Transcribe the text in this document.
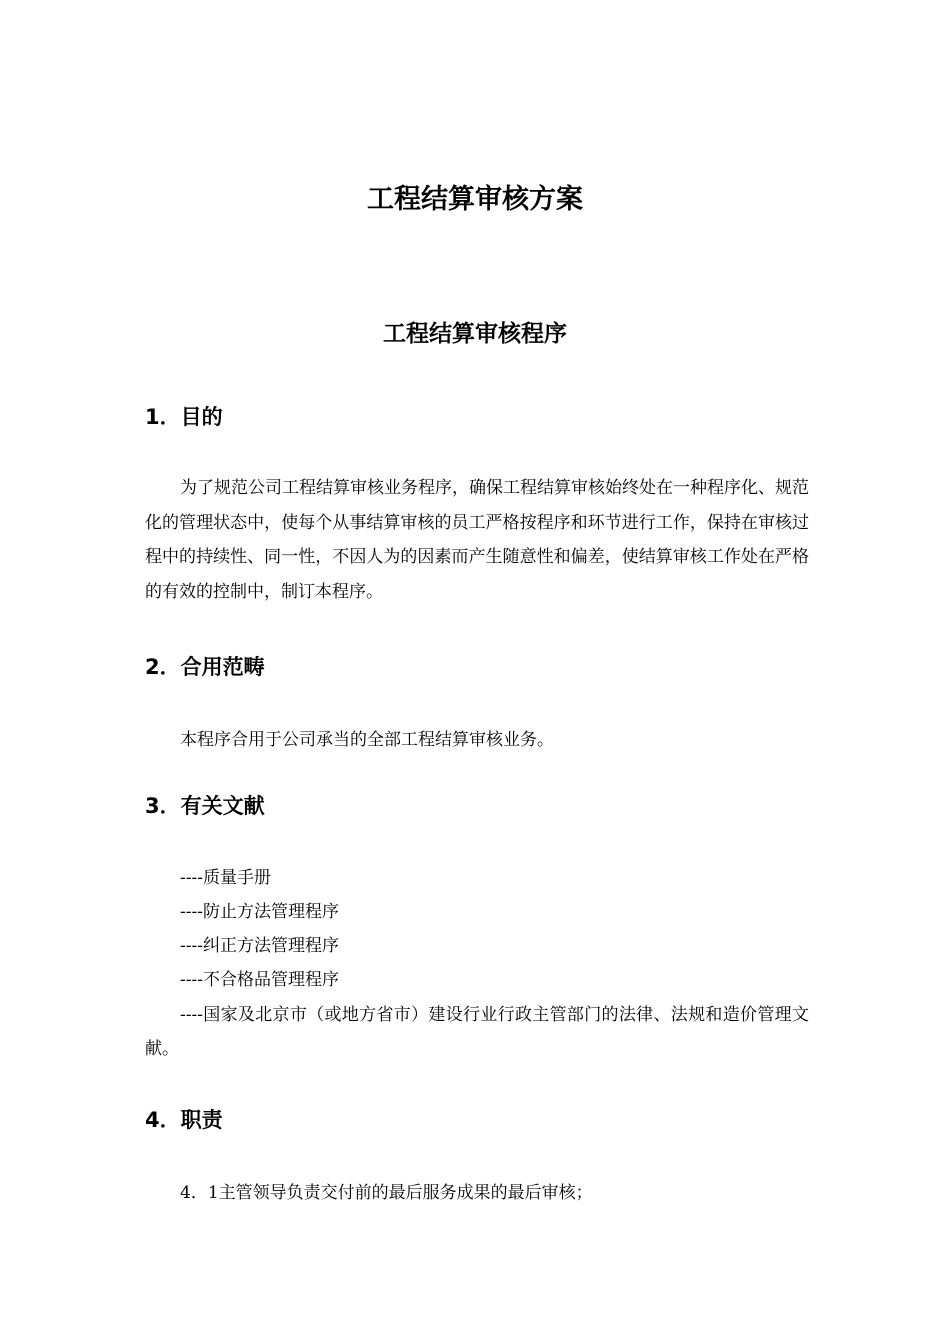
工程结算审核方案
工程结算审核程序
1．目的
为了规范公司工程结算审核业务程序，确保工程结算审核始终处在一种程序化、规范化的管理状态中，使每个从事结算审核的员工严格按程序和环节进行工作，保持在审核过程中的持续性、同一性，不因人为的因素而产生随意性和偏差，使结算审核工作处在严格的有效的控制中，制订本程序。
2．合用范畴
本程序合用于公司承当的全部工程结算审核业务。
3．有关文献
----质量手册
----防止方法管理程序
----纠正方法管理程序
----不合格品管理程序
----国家及北京市（或地方省市）建设行业行政主管部门的法律、法规和造价管理文献。
4．职责
4．1主管领导负责交付前的最后服务成果的最后审核；
